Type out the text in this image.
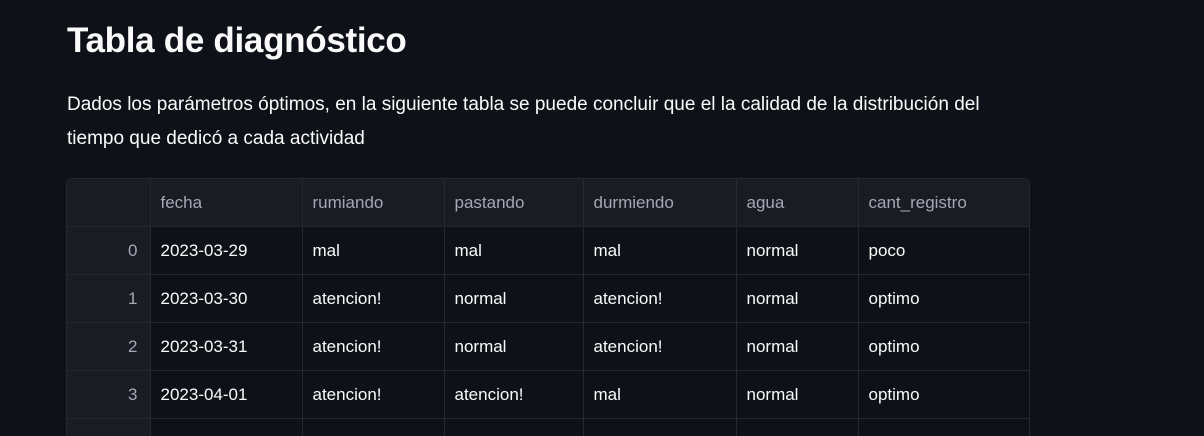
Tabla de diagnóstico

Dados los parámetros óptimos, en la siguiente tabla se puede concluir que el la calidad de la distribución del tiempo que dedicó a cada actividad

	fecha	rumiando	pastando	durmiendo	agua	cant_registro
0	2023-03-29	mal	mal	mal	normal	poco
1	2023-03-30	atencion!	normal	atencion!	normal	optimo
2	2023-03-31	atencion!	normal	atencion!	normal	optimo
3	2023-04-01	atencion!	atencion!	mal	normal	optimo
